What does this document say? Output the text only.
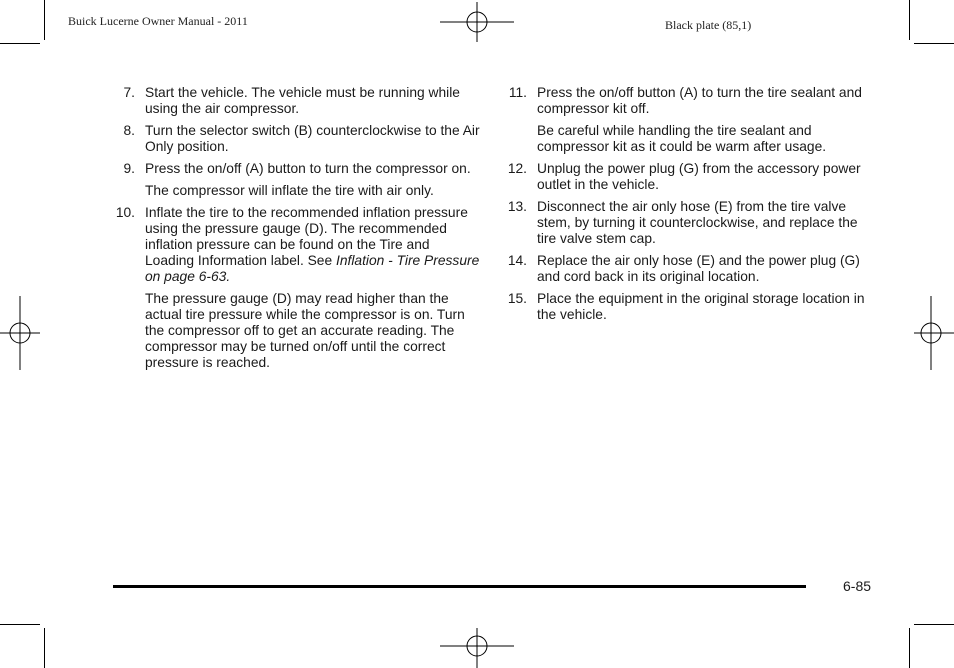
Buick Lucerne Owner Manual - 2011	Black plate (85,1)
7. Start the vehicle. The vehicle must be running while using the air compressor.
8. Turn the selector switch (B) counterclockwise to the Air Only position.
9. Press the on/off (A) button to turn the compressor on.
The compressor will inflate the tire with air only.
10. Inflate the tire to the recommended inflation pressure using the pressure gauge (D). The recommended inflation pressure can be found on the Tire and Loading Information label. See Inflation - Tire Pressure on page 6-63.
The pressure gauge (D) may read higher than the actual tire pressure while the compressor is on. Turn the compressor off to get an accurate reading. The compressor may be turned on/off until the correct pressure is reached.
11. Press the on/off button (A) to turn the tire sealant and compressor kit off.
Be careful while handling the tire sealant and compressor kit as it could be warm after usage.
12. Unplug the power plug (G) from the accessory power outlet in the vehicle.
13. Disconnect the air only hose (E) from the tire valve stem, by turning it counterclockwise, and replace the tire valve stem cap.
14. Replace the air only hose (E) and the power plug (G) and cord back in its original location.
15. Place the equipment in the original storage location in the vehicle.
6-85
